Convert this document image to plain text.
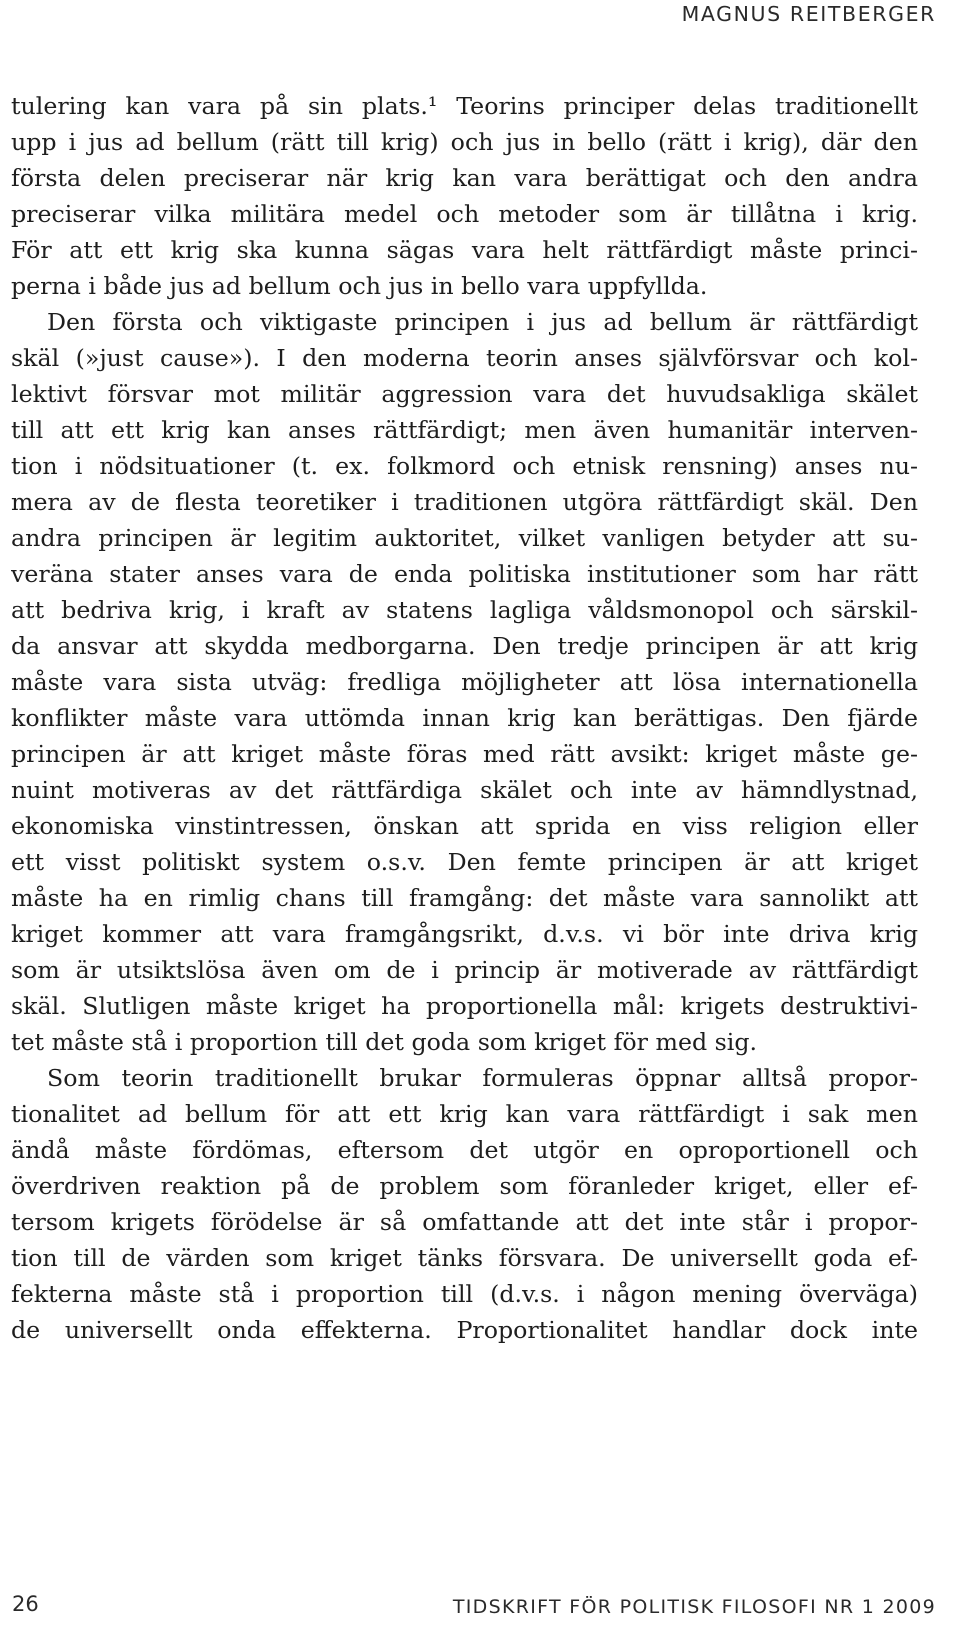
MAGNUS REITBERGER
tulering kan vara på sin plats.¹ Teorins principer delas traditionellt
upp i jus ad bellum (rätt till krig) och jus in bello (rätt i krig), där den
första delen preciserar när krig kan vara berättigat och den andra
preciserar vilka militära medel och metoder som är tillåtna i krig.
För att ett krig ska kunna sägas vara helt rättfärdigt måste princi-
perna i både jus ad bellum och jus in bello vara uppfyllda.
Den första och viktigaste principen i jus ad bellum är rättfärdigt
skäl (»just cause»). I den moderna teorin anses självförsvar och kol-
lektivt försvar mot militär aggression vara det huvudsakliga skälet
till att ett krig kan anses rättfärdigt; men även humanitär interven-
tion i nödsituationer (t. ex. folkmord och etnisk rensning) anses nu-
mera av de flesta teoretiker i traditionen utgöra rättfärdigt skäl. Den
andra principen är legitim auktoritet, vilket vanligen betyder att su-
veräna stater anses vara de enda politiska institutioner som har rätt
att bedriva krig, i kraft av statens lagliga våldsmonopol och särskil-
da ansvar att skydda medborgarna. Den tredje principen är att krig
måste vara sista utväg: fredliga möjligheter att lösa internationella
konflikter måste vara uttömda innan krig kan berättigas. Den fjärde
principen är att kriget måste föras med rätt avsikt: kriget måste ge-
nuint motiveras av det rättfärdiga skälet och inte av hämndlystnad,
ekonomiska vinstintressen, önskan att sprida en viss religion eller
ett visst politiskt system o.s.v. Den femte principen är att kriget
måste ha en rimlig chans till framgång: det måste vara sannolikt att
kriget kommer att vara framgångsrikt, d.v.s. vi bör inte driva krig
som är utsiktslösa även om de i princip är motiverade av rättfärdigt
skäl. Slutligen måste kriget ha proportionella mål: krigets destruktivi-
tet måste stå i proportion till det goda som kriget för med sig.
Som teorin traditionellt brukar formuleras öppnar alltså propor-
tionalitet ad bellum för att ett krig kan vara rättfärdigt i sak men
ändå måste fördömas, eftersom det utgör en oproportionell och
överdriven reaktion på de problem som föranleder kriget, eller ef-
tersom krigets förödelse är så omfattande att det inte står i propor-
tion till de värden som kriget tänks försvara. De universellt goda ef-
fekterna måste stå i proportion till (d.v.s. i någon mening överväga)
de universellt onda effekterna. Proportionalitet handlar dock inte
26	TIDSKRIFT FÖR POLITISK FILOSOFI NR 1 2009
